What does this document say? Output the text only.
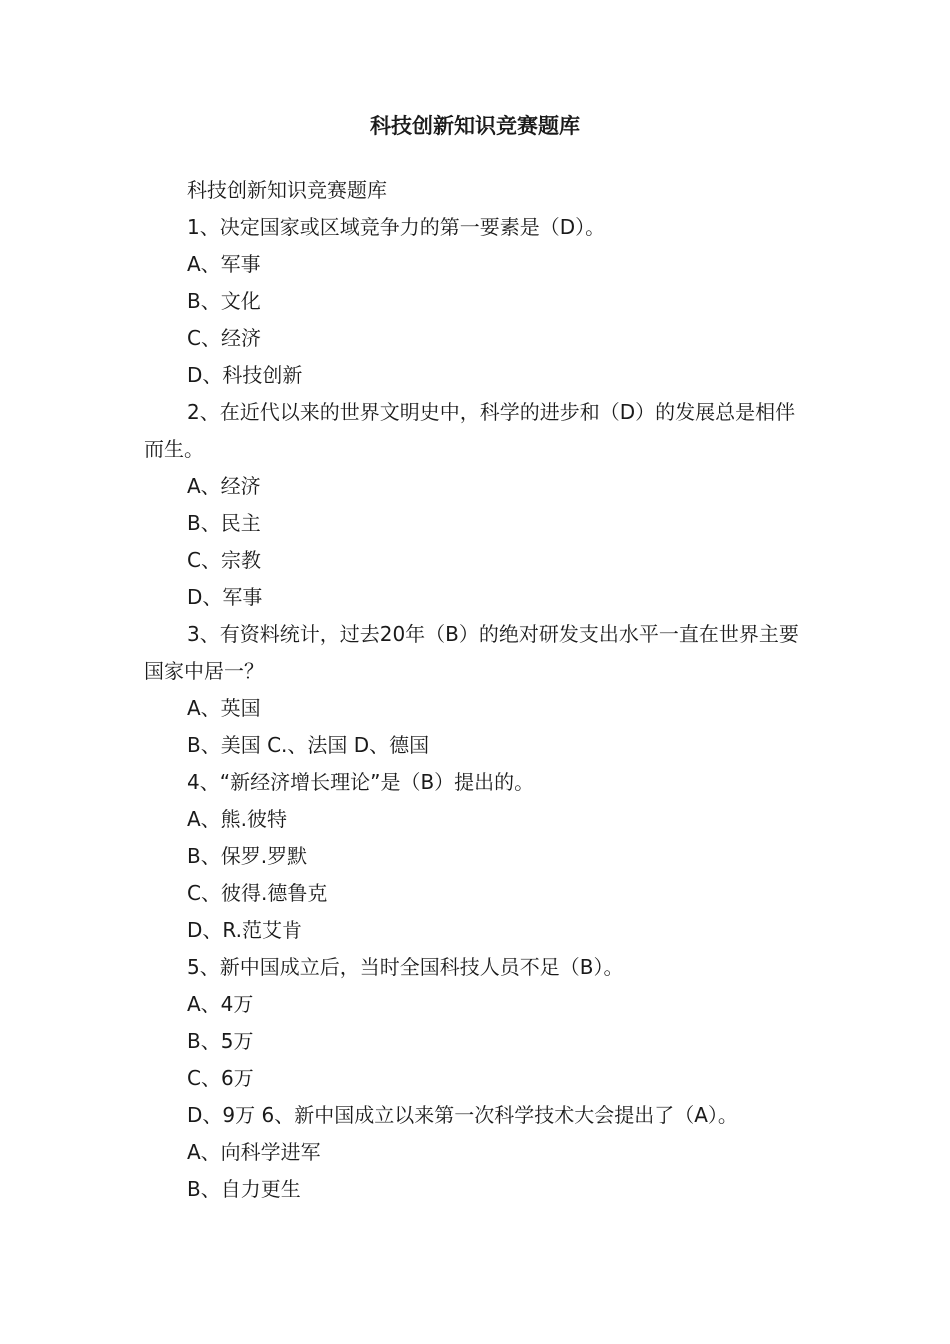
科技创新知识竞赛题库

科技创新知识竞赛题库

1、决定国家或区域竞争力的第一要素是（D）。

A、军事

B、文化

C、经济

D、科技创新

2、在近代以来的世界文明史中，科学的进步和（D）的发展总是相伴而生。

A、经济

B、民主

C、宗教

D、军事

3、有资料统计，过去20年（B）的绝对研发支出水平一直在世界主要国家中居一？

A、英国

B、美国 C.、法国 D、德国

4、“新经济增长理论”是（B）提出的。

A、熊.彼特

B、保罗.罗默

C、彼得.德鲁克

D、R.范艾肯

5、新中国成立后，当时全国科技人员不足（B）。

A、4万

B、5万

C、6万

D、9万 6、新中国成立以来第一次科学技术大会提出了（A）。

A、向科学进军

B、自力更生
